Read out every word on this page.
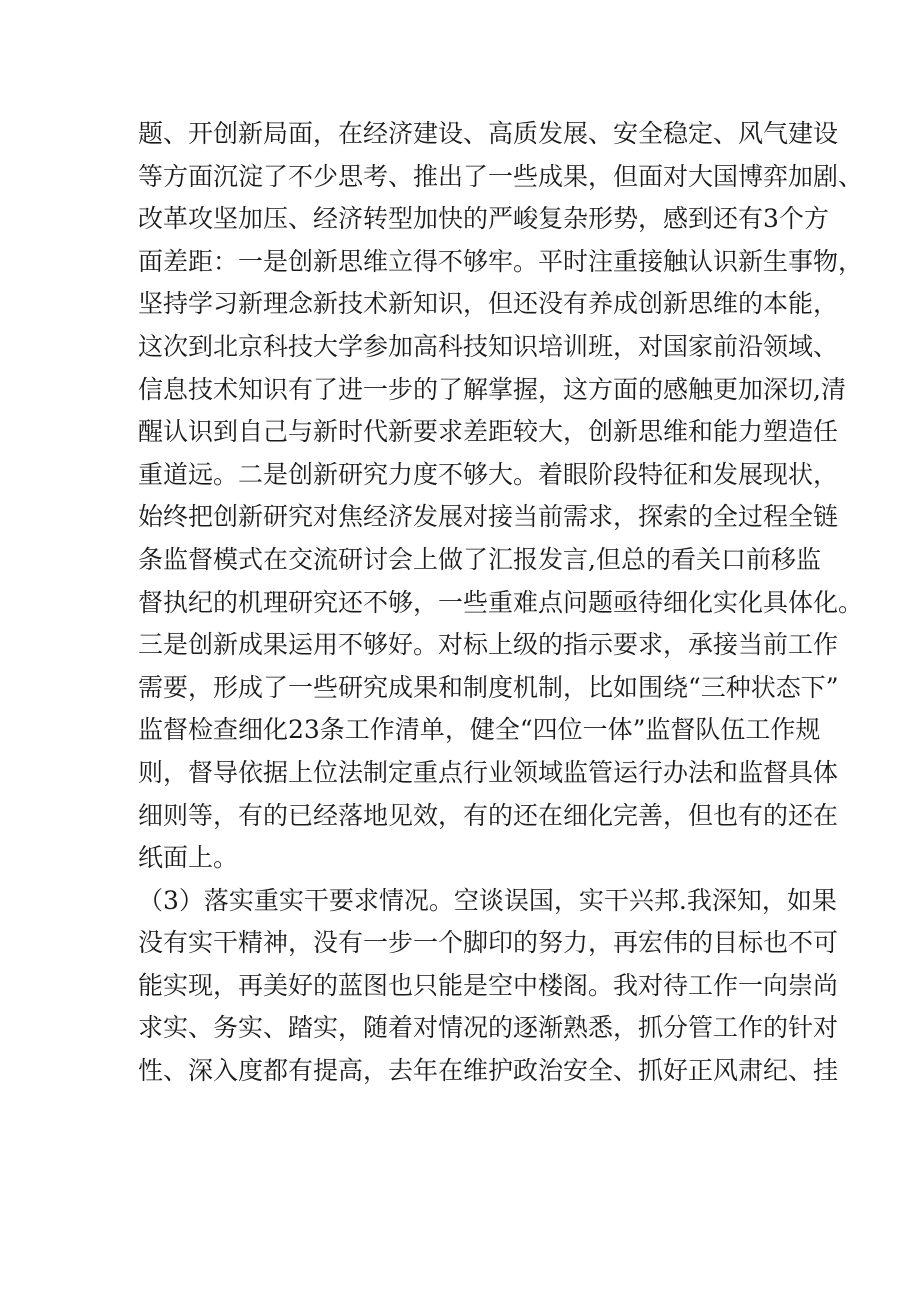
题、开创新局面，在经济建设、高质发展、安全稳定、风气建设
等方面沉淀了不少思考、推出了一些成果，但面对大国博弈加剧、
改革攻坚加压、经济转型加快的严峻复杂形势，感到还有3个方
面差距：一是创新思维立得不够牢。平时注重接触认识新生事物，
坚持学习新理念新技术新知识，但还没有养成创新思维的本能，
这次到北京科技大学参加高科技知识培训班，对国家前沿领域、
信息技术知识有了进一步的了解掌握，这方面的感触更加深切,清
醒认识到自己与新时代新要求差距较大，创新思维和能力塑造任
重道远。二是创新研究力度不够大。着眼阶段特征和发展现状，
始终把创新研究对焦经济发展对接当前需求，探索的全过程全链
条监督模式在交流研讨会上做了汇报发言,但总的看关口前移监
督执纪的机理研究还不够，一些重难点问题亟待细化实化具体化。
三是创新成果运用不够好。对标上级的指示要求，承接当前工作
需要，形成了一些研究成果和制度机制，比如围绕“三种状态下”
监督检查细化23条工作清单，健全“四位一体”监督队伍工作规
则，督导依据上位法制定重点行业领域监管运行办法和监督具体
细则等，有的已经落地见效，有的还在细化完善，但也有的还在
纸面上。
（3）落实重实干要求情况。空谈误国，实干兴邦.我深知，如果
没有实干精神，没有一步一个脚印的努力，再宏伟的目标也不可
能实现，再美好的蓝图也只能是空中楼阁。我对待工作一向崇尚
求实、务实、踏实，随着对情况的逐渐熟悉，抓分管工作的针对
性、深入度都有提高，去年在维护政治安全、抓好正风肃纪、挂
